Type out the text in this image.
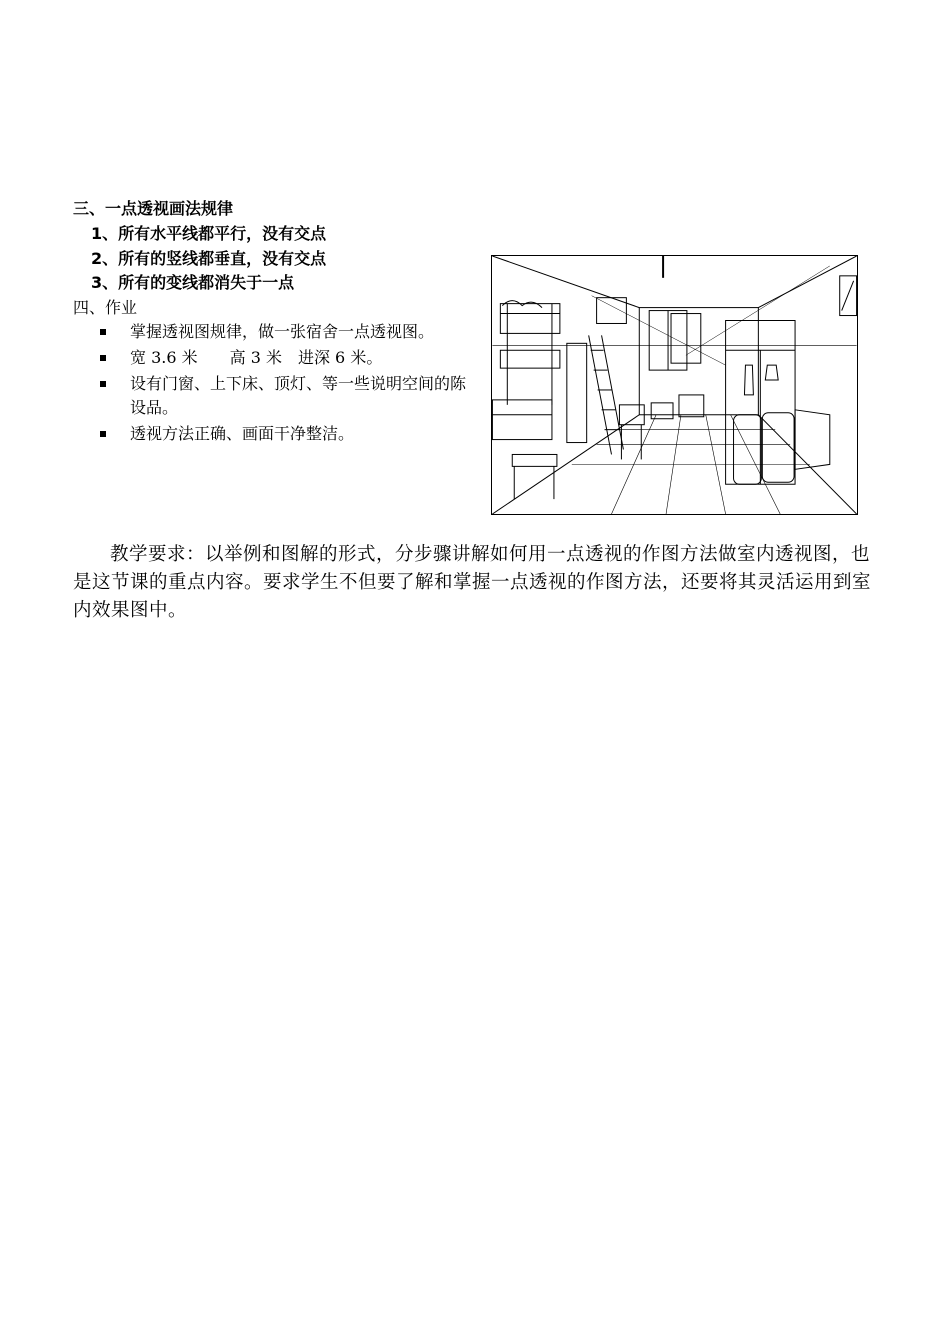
三、一点透视画法规律
1、所有水平线都平行，没有交点
2、所有的竖线都垂直，没有交点
3、所有的变线都消失于一点
四、作业
掌握透视图规律，做一张宿舍一点透视图。
宽 3.6 米　　高 3 米　进深 6 米。
设有门窗、上下床、顶灯、等一些说明空间的陈设品。
透视方法正确、画面干净整洁。

教学要求：以举例和图解的形式，分步骤讲解如何用一点透视的作图方法做室内透视图，也是这节课的重点内容。要求学生不但要了解和掌握一点透视的作图方法，还要将其灵活运用到室内效果图中。
